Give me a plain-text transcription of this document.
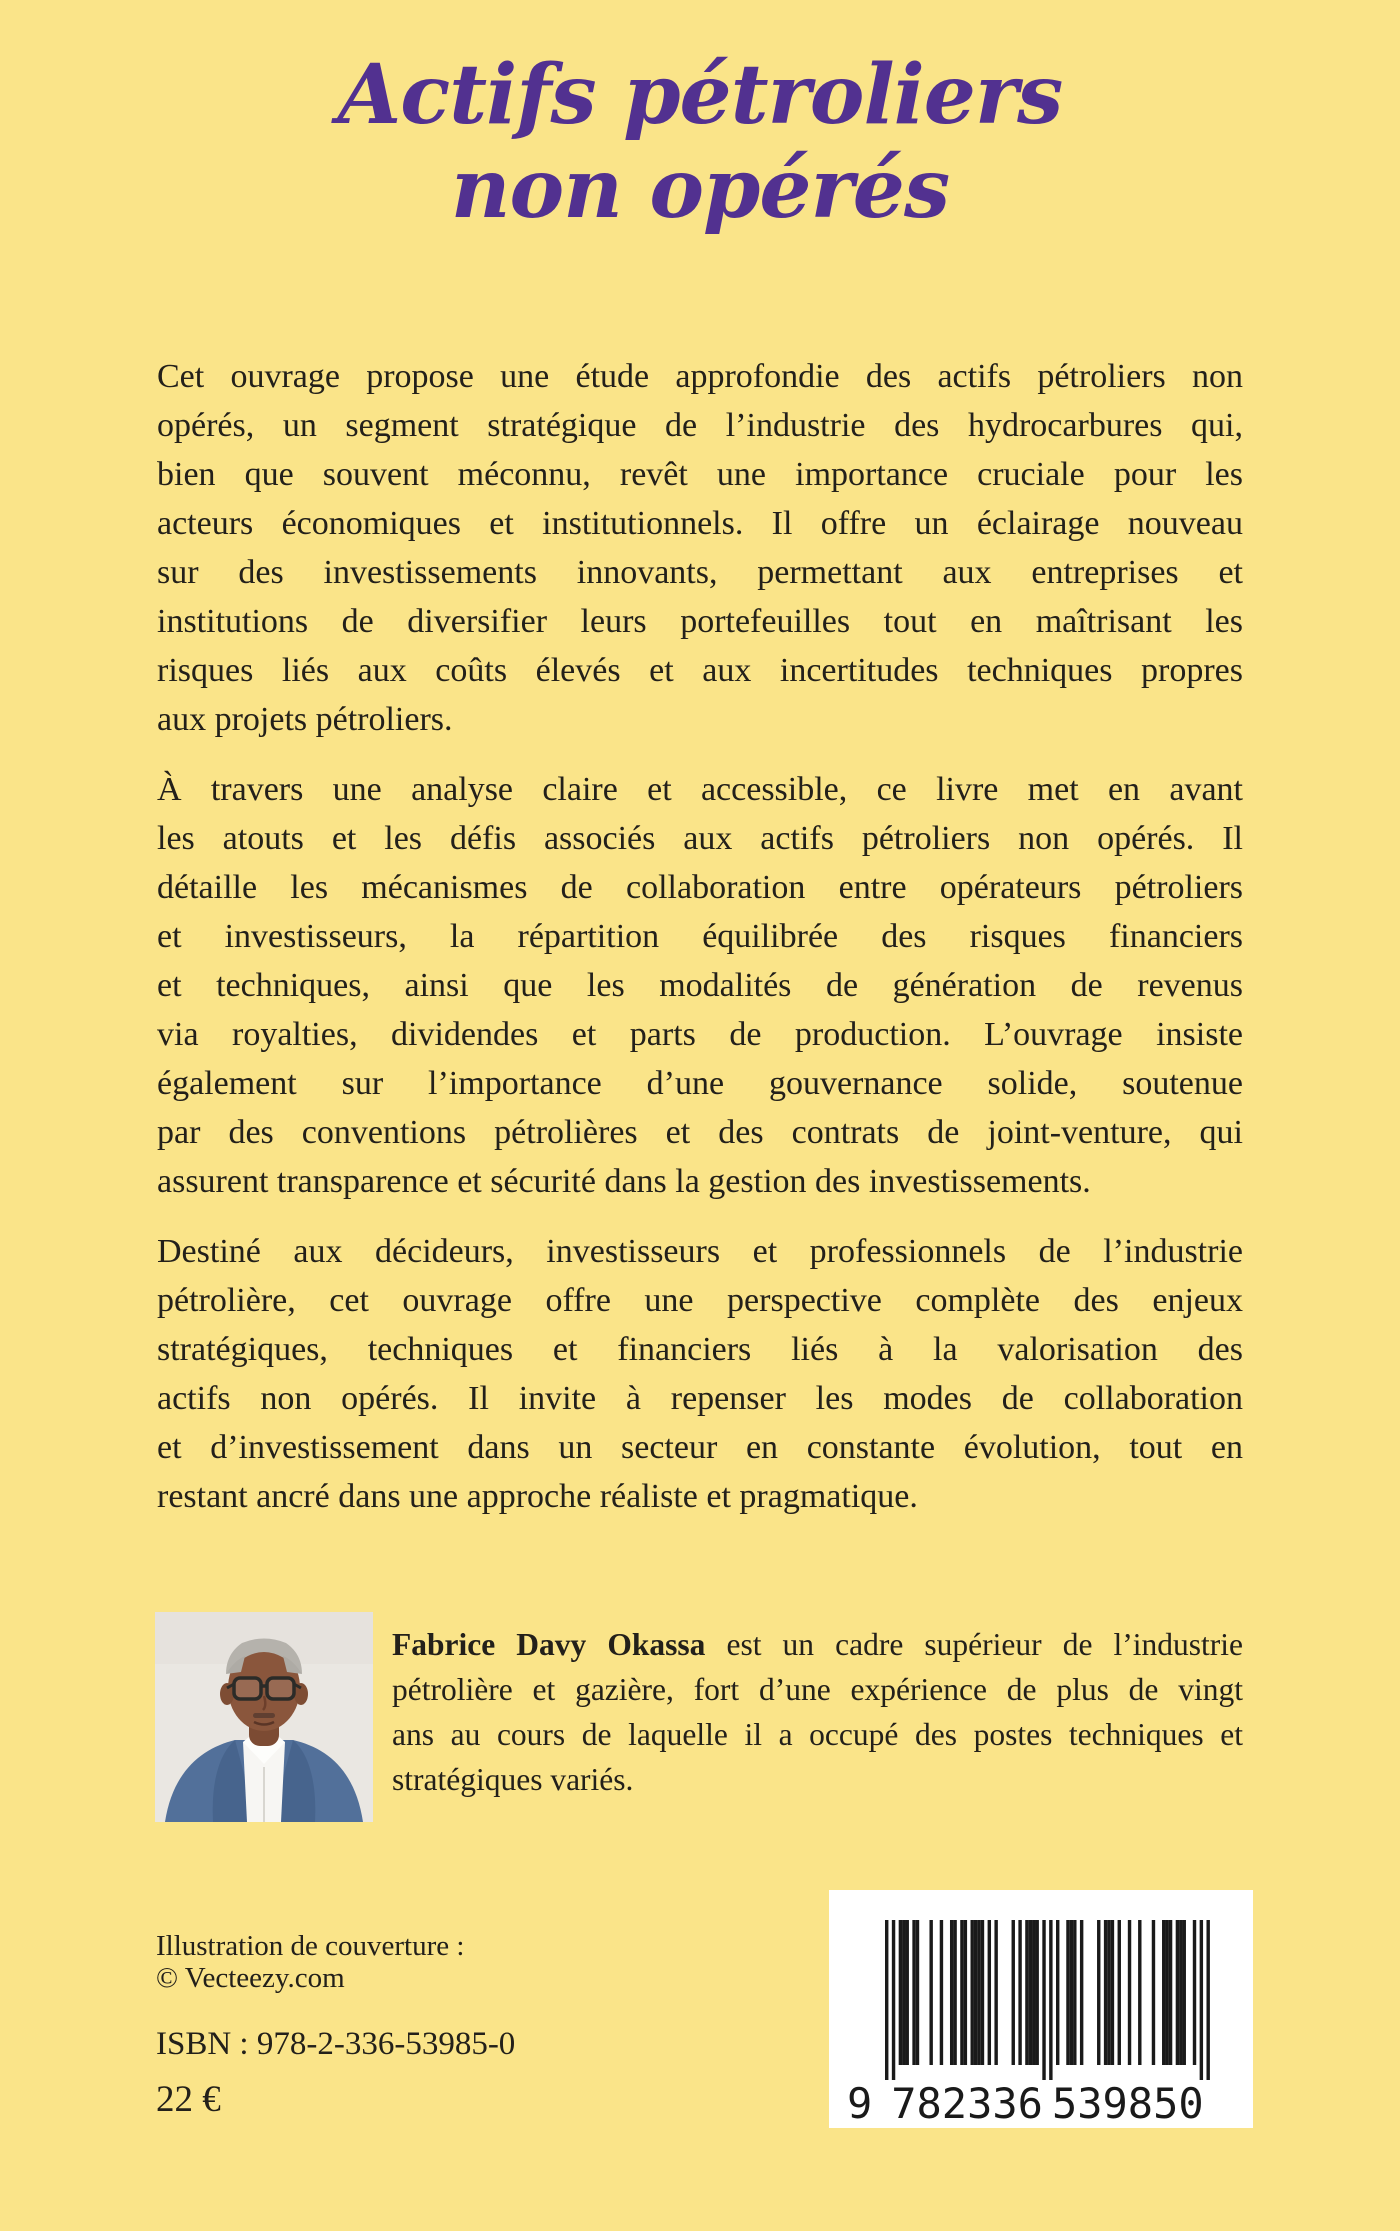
Actifs pétroliers
non opérés
Cet ouvrage propose une étude approfondie des actifs pétroliers non
opérés, un segment stratégique de l’industrie des hydrocarbures qui,
bien que souvent méconnu, revêt une importance cruciale pour les
acteurs économiques et institutionnels. Il offre un éclairage nouveau
sur des investissements innovants, permettant aux entreprises et
institutions de diversifier leurs portefeuilles tout en maîtrisant les
risques liés aux coûts élevés et aux incertitudes techniques propres
aux projets pétroliers.
À travers une analyse claire et accessible, ce livre met en avant
les atouts et les défis associés aux actifs pétroliers non opérés. Il
détaille les mécanismes de collaboration entre opérateurs pétroliers
et investisseurs, la répartition équilibrée des risques financiers
et techniques, ainsi que les modalités de génération de revenus
via royalties, dividendes et parts de production. L’ouvrage insiste
également sur l’importance d’une gouvernance solide, soutenue
par des conventions pétrolières et des contrats de joint-venture, qui
assurent transparence et sécurité dans la gestion des investissements.
Destiné aux décideurs, investisseurs et professionnels de l’industrie
pétrolière, cet ouvrage offre une perspective complète des enjeux
stratégiques, techniques et financiers liés à la valorisation des
actifs non opérés. Il invite à repenser les modes de collaboration
et d’investissement dans un secteur en constante évolution, tout en
restant ancré dans une approche réaliste et pragmatique.
Fabrice Davy Okassa est un cadre supérieur de l’industrie
pétrolière et gazière, fort d’une expérience de plus de vingt
ans au cours de laquelle il a occupé des postes techniques et
stratégiques variés.
Illustration de couverture :
© Vecteezy.com
ISBN : 978-2-336-53985-0
22 €	9 782336 539850
